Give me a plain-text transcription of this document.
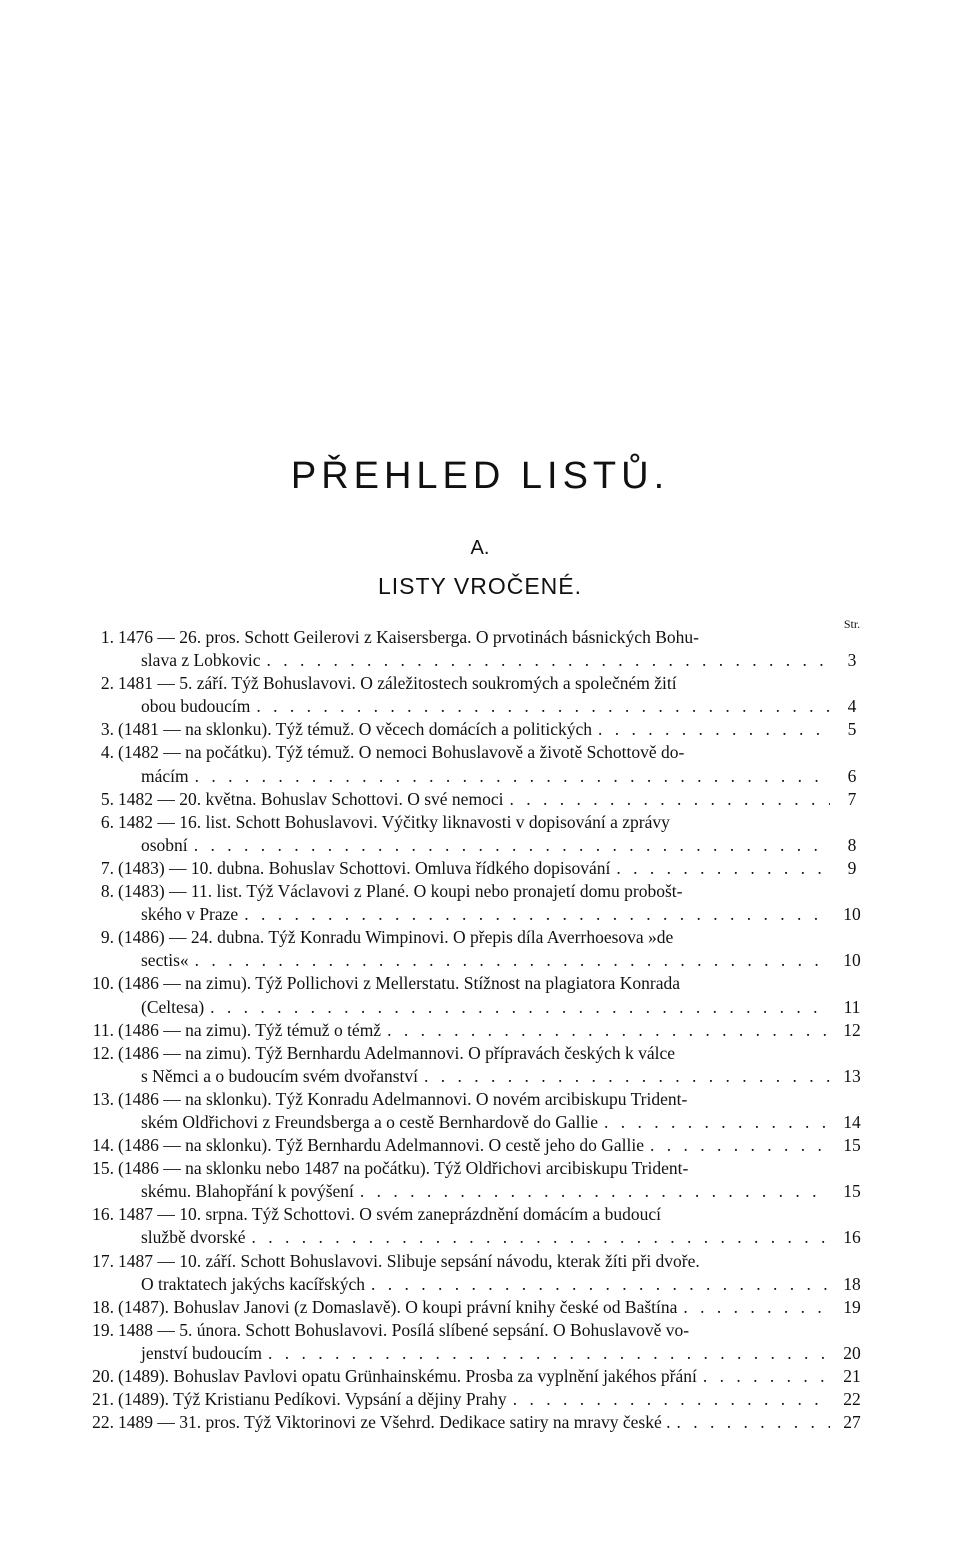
PŘEHLED LISTŮ.
A.
LISTY VROČENÉ.
Str.
1. 1476 — 26. pros. Schott Geilerovi z Kaisersberga. O prvotinách básnických Bohu-
slava z Lobkovic . . .	3
2. 1481 — 5. září. Týž Bohuslavovi. O záležitostech soukromých a společném žití
obou budoucím . . .	4
3. (1481 — na sklonku). Týž témuž. O věcech domácích a politických . . .	5
4. (1482 — na počátku). Týž témuž. O nemoci Bohuslavově a životě Schottově do-
mácím . . .	6
5. 1482 — 20. května. Bohuslav Schottovi. O své nemoci . . .	7
6. 1482 — 16. list. Schott Bohuslavovi. Výčitky liknavosti v dopisování a zprávy
osobní . . .	8
7. (1483) — 10. dubna. Bohuslav Schottovi. Omluva řídkého dopisování . . .	9
8. (1483) — 11. list. Týž Václavovi z Plané. O koupi nebo pronajetí domu probošt-
ského v Praze . . .	10
9. (1486) — 24. dubna. Týž Konradu Wimpinovi. O přepis díla Averrhoesova »de
sectis« . . .	10
10. (1486 — na zimu). Týž Pollichovi z Mellerstatu. Stížnost na plagiatora Konrada
(Celtesa) . . .	11
11. (1486 — na zimu). Týž témuž o témž . . .	12
12. (1486 — na zimu). Týž Bernhardu Adelmannovi. O přípravách českých k válce
s Němci a o budoucím svém dvořanství . . .	13
13. (1486 — na sklonku). Týž Konradu Adelmannovi. O novém arcibiskupu Trident-
ském Oldřichovi z Freundsberga a o cestě Bernhardově do Gallie . . .	14
14. (1486 — na sklonku). Týž Bernhardu Adelmannovi. O cestě jeho do Gallie . . .	15
15. (1486 — na sklonku nebo 1487 na počátku). Týž Oldřichovi arcibiskupu Trident-
skému. Blahopřání k povýšení . . .	15
16. 1487 — 10. srpna. Týž Schottovi. O svém zaneprázdnění domácím a budoucí
službě dvorské . . .	16
17. 1487 — 10. září. Schott Bohuslavovi. Slibuje sepsání návodu, kterak žíti při dvoře.
O traktatech jakýchs kacířských . . .	18
18. (1487). Bohuslav Janovi (z Domaslavě). O koupi právní knihy české od Baštína . . .	19
19. 1488 — 5. února. Schott Bohuslavovi. Posílá slíbené sepsání. O Bohuslavově vo-
jenství budoucím . . .	20
20. (1489). Bohuslav Pavlovi opatu Grünhainskému. Prosba za vyplnění jakéhos přání . . .	21
21. (1489). Týž Kristianu Pedíkovi. Vypsání a dějiny Prahy . . .	22
22. 1489 — 31. pros. Týž Viktorinovi ze Všehrd. Dedikace satiry na mravy české . . . .	27
